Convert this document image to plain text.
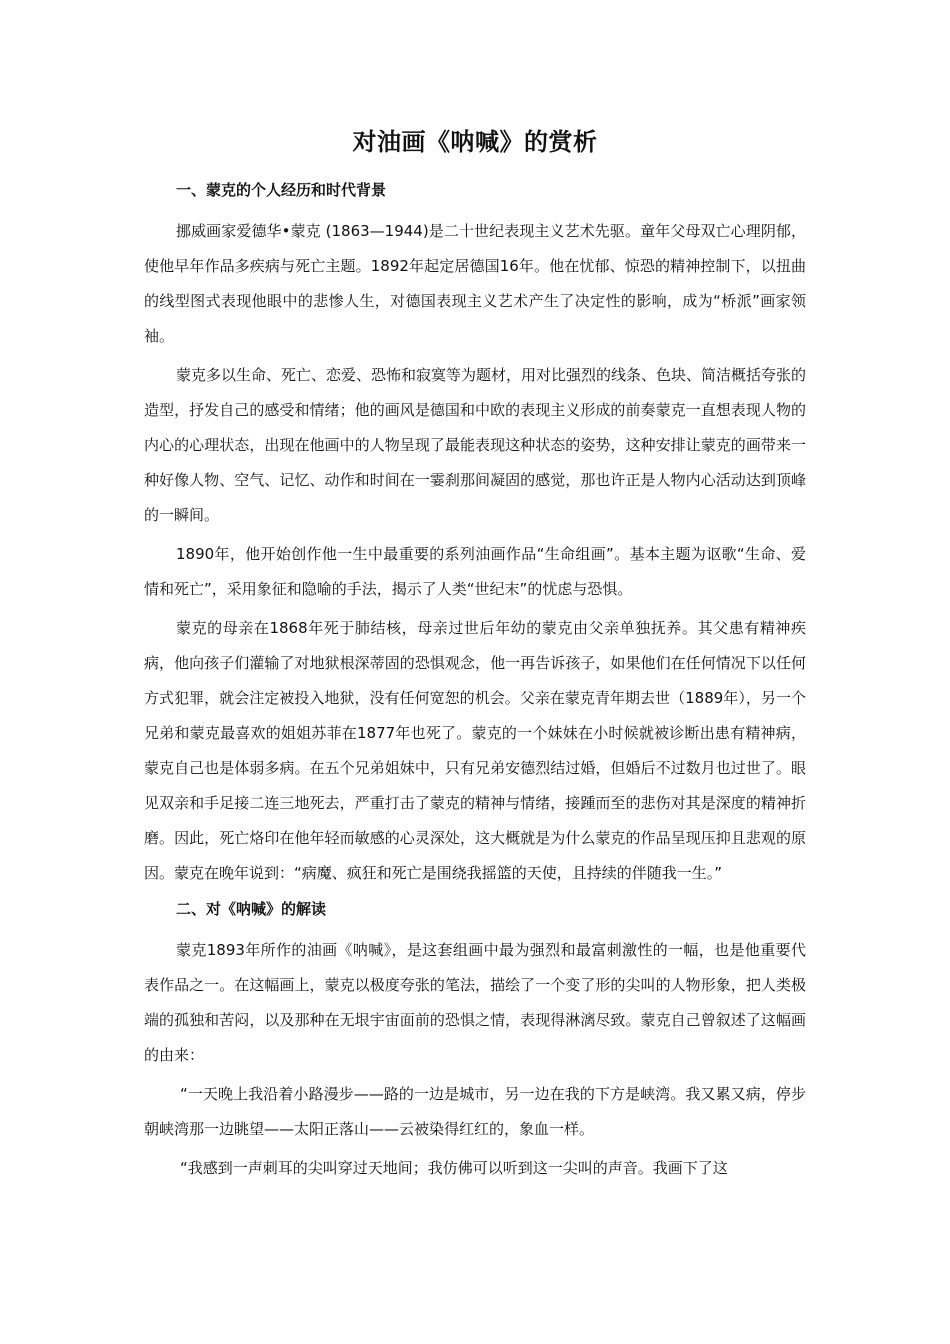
对油画《呐喊》的赏析
一、蒙克的个人经历和时代背景

挪威画家爱德华•蒙克 (1863—1944)是二十世纪表现主义艺术先驱。童年父母双亡心理阴郁，使他早年作品多疾病与死亡主题。1892年起定居德国16年。他在忧郁、惊恐的精神控制下，以扭曲的线型图式表现他眼中的悲惨人生，对德国表现主义艺术产生了决定性的影响，成为“桥派”画家领袖。

蒙克多以生命、死亡、恋爱、恐怖和寂寞等为题材，用对比强烈的线条、色块、简洁概括夸张的造型，抒发自己的感受和情绪；他的画风是德国和中欧的表现主义形成的前奏蒙克一直想表现人物的内心的心理状态，出现在他画中的人物呈现了最能表现这种状态的姿势，这种安排让蒙克的画带来一种好像人物、空气、记忆、动作和时间在一霎刹那间凝固的感觉，那也许正是人物内心活动达到顶峰的一瞬间。

1890年，他开始创作他一生中最重要的系列油画作品“生命组画”。基本主题为讴歌“生命、爱情和死亡”，采用象征和隐喻的手法，揭示了人类“世纪末”的忧虑与恐惧。

蒙克的母亲在1868年死于肺结核，母亲过世后年幼的蒙克由父亲单独抚养。其父患有精神疾病，他向孩子们灌输了对地狱根深蒂固的恐惧观念，他一再告诉孩子，如果他们在任何情况下以任何方式犯罪，就会注定被投入地狱，没有任何宽恕的机会。父亲在蒙克青年期去世（1889年），另一个兄弟和蒙克最喜欢的姐姐苏菲在1877年也死了。蒙克的一个妹妹在小时候就被诊断出患有精神病，蒙克自己也是体弱多病。在五个兄弟姐妹中，只有兄弟安德烈结过婚，但婚后不过数月也过世了。眼见双亲和手足接二连三地死去，严重打击了蒙克的精神与情绪，接踵而至的悲伤对其是深度的精神折磨。因此，死亡烙印在他年轻而敏感的心灵深处，这大概就是为什么蒙克的作品呈现压抑且悲观的原因。蒙克在晚年说到：“病魔、疯狂和死亡是围绕我摇篮的天使，且持续的伴随我一生。”

二、对《呐喊》的解读

蒙克1893年所作的油画《呐喊》，是这套组画中最为强烈和最富刺激性的一幅，也是他重要代表作品之一。在这幅画上，蒙克以极度夸张的笔法，描绘了一个变了形的尖叫的人物形象，把人类极端的孤独和苦闷，以及那种在无垠宇宙面前的恐惧之情，表现得淋漓尽致。蒙克自己曾叙述了这幅画的由来：

“一天晚上我沿着小路漫步——路的一边是城市，另一边在我的下方是峡湾。我又累又病，停步朝峡湾那一边眺望——太阳正落山——云被染得红红的，象血一样。

“我感到一声刺耳的尖叫穿过天地间；我仿佛可以听到这一尖叫的声音。我画下了这
